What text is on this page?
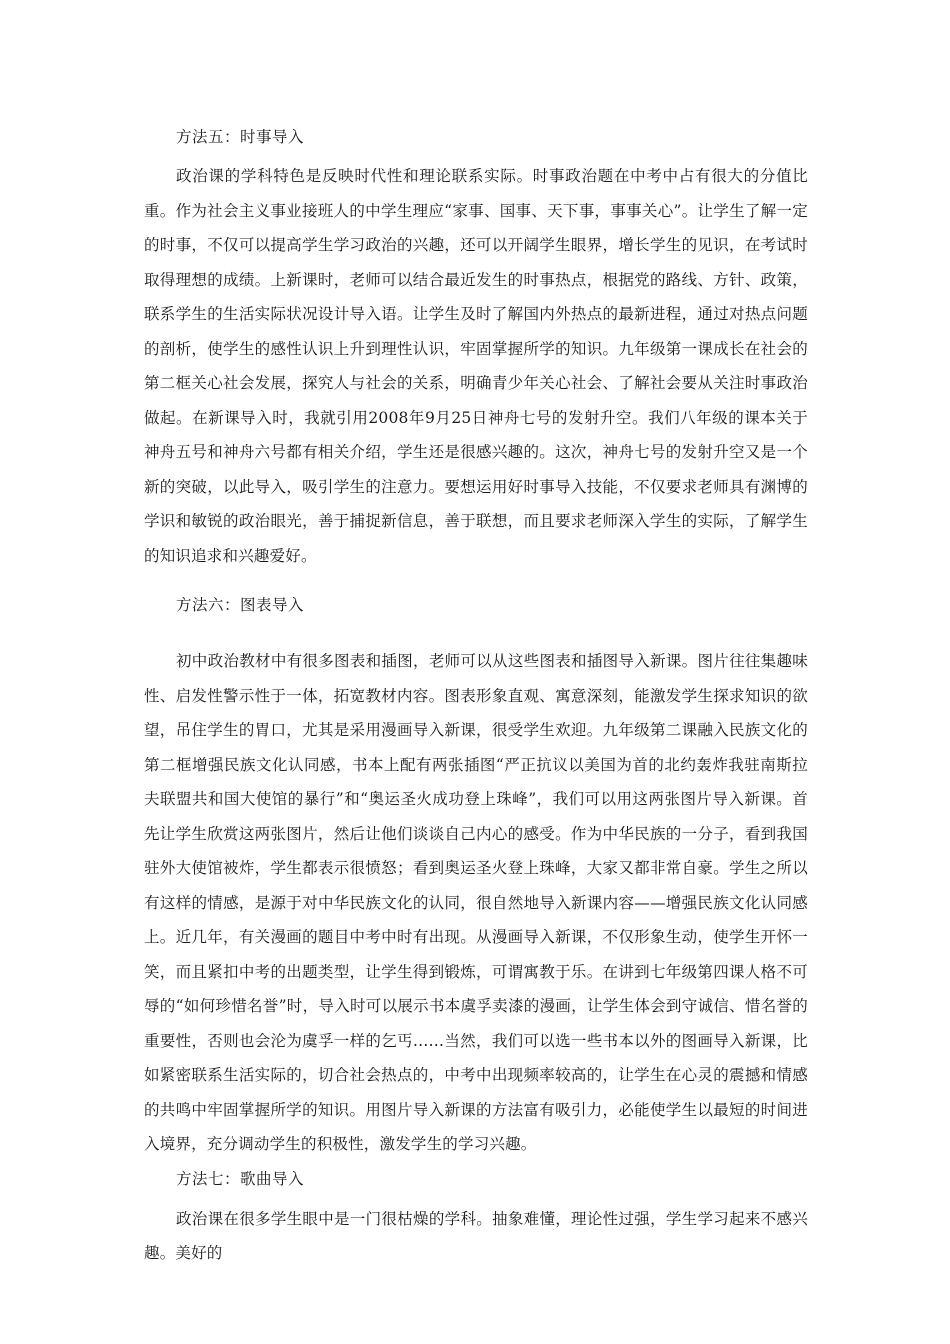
方法五：时事导入

政治课的学科特色是反映时代性和理论联系实际。时事政治题在中考中占有很大的分值比重。作为社会主义事业接班人的中学生理应“家事、国事、天下事，事事关心”。让学生了解一定的时事，不仅可以提高学生学习政治的兴趣，还可以开阔学生眼界，增长学生的见识，在考试时取得理想的成绩。上新课时，老师可以结合最近发生的时事热点，根据党的路线、方针、政策，联系学生的生活实际状况设计导入语。让学生及时了解国内外热点的最新进程，通过对热点问题的剖析，使学生的感性认识上升到理性认识，牢固掌握所学的知识。九年级第一课成长在社会的第二框关心社会发展，探究人与社会的关系，明确青少年关心社会、了解社会要从关注时事政治做起。在新课导入时，我就引用2008年9月25日神舟七号的发射升空。我们八年级的课本关于神舟五号和神舟六号都有相关介绍，学生还是很感兴趣的。这次，神舟七号的发射升空又是一个新的突破，以此导入，吸引学生的注意力。要想运用好时事导入技能，不仅要求老师具有渊博的学识和敏锐的政治眼光，善于捕捉新信息，善于联想，而且要求老师深入学生的实际，了解学生的知识追求和兴趣爱好。

方法六：图表导入

初中政治教材中有很多图表和插图，老师可以从这些图表和插图导入新课。图片往往集趣味性、启发性警示性于一体，拓宽教材内容。图表形象直观、寓意深刻，能激发学生探求知识的欲望，吊住学生的胃口，尤其是采用漫画导入新课，很受学生欢迎。九年级第二课融入民族文化的第二框增强民族文化认同感，书本上配有两张插图“严正抗议以美国为首的北约轰炸我驻南斯拉夫联盟共和国大使馆的暴行”和“奥运圣火成功登上珠峰”，我们可以用这两张图片导入新课。首先让学生欣赏这两张图片，然后让他们谈谈自己内心的感受。作为中华民族的一分子，看到我国驻外大使馆被炸，学生都表示很愤怒；看到奥运圣火登上珠峰，大家又都非常自豪。学生之所以有这样的情感，是源于对中华民族文化的认同，很自然地导入新课内容——增强民族文化认同感上。近几年，有关漫画的题目中考中时有出现。从漫画导入新课，不仅形象生动，使学生开怀一笑，而且紧扣中考的出题类型，让学生得到锻炼，可谓寓教于乐。在讲到七年级第四课人格不可辱的“如何珍惜名誉”时，导入时可以展示书本虞孚卖漆的漫画，让学生体会到守诚信、惜名誉的重要性，否则也会沦为虞孚一样的乞丐……当然，我们可以选一些书本以外的图画导入新课，比如紧密联系生活实际的，切合社会热点的，中考中出现频率较高的，让学生在心灵的震撼和情感的共鸣中牢固掌握所学的知识。用图片导入新课的方法富有吸引力，必能使学生以最短的时间进入境界，充分调动学生的积极性，激发学生的学习兴趣。

方法七：歌曲导入

政治课在很多学生眼中是一门很枯燥的学科。抽象难懂，理论性过强，学生学习起来不感兴趣。美好的
